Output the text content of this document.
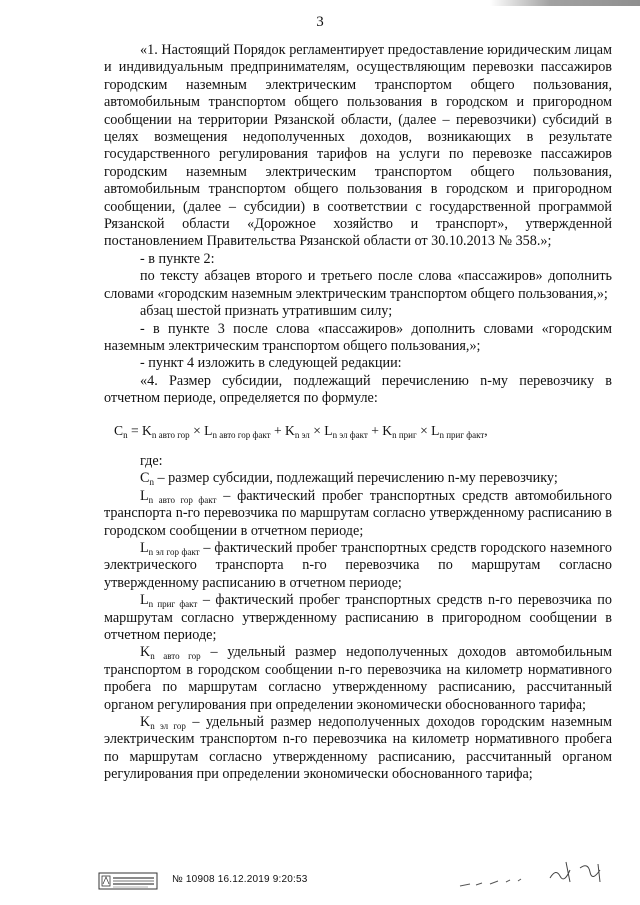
3

«1. Настоящий Порядок регламентирует предоставление юридическим лицам и индивидуальным предпринимателям, осуществляющим перевозки пассажиров городским наземным электрическим транспортом общего пользования, автомобильным транспортом общего пользования в городском и пригородном сообщении на территории Рязанской области, (далее – перевозчики) субсидий в целях возмещения недополученных доходов, возникающих в результате государственного регулирования тарифов на услуги по перевозке пассажиров городским наземным электрическим транспортом общего пользования, автомобильным транспортом общего пользования в городском и пригородном сообщении, (далее – субсидии) в соответствии с государственной программой Рязанской области «Дорожное хозяйство и транспорт», утвержденной постановлением Правительства Рязанской области от 30.10.2013 № 358.»;

- в пункте 2:

по тексту абзацев второго и третьего после слова «пассажиров» дополнить словами «городским наземным электрическим транспортом общего пользования,»;

абзац шестой признать утратившим силу;

- в пункте 3 после слова «пассажиров» дополнить словами «городским наземным электрическим транспортом общего пользования,»;

- пункт 4 изложить в следующей редакции:

«4. Размер субсидии, подлежащий перечислению n-му перевозчику в отчетном периоде, определяется по формуле:

$C_n = K_{n авто гор} \times L_{n авто гор факт} + K_{n эл} \times L_{n эл факт} + K_{n приг} \times L_{n приг факт}$,

где:

$C_n$ – размер субсидии, подлежащий перечислению n-му перевозчику;

$L_{n авто гор факт}$ – фактический пробег транспортных средств автомобильного транспорта n-го перевозчика по маршрутам согласно утвержденному расписанию в городском сообщении в отчетном периоде;

$L_{n эл гор факт}$ – фактический пробег транспортных средств городского наземного электрического транспорта n-го перевозчика по маршрутам согласно утвержденному расписанию в отчетном периоде;

$L_{n приг факт}$ – фактический пробег транспортных средств n-го перевозчика по маршрутам согласно утвержденному расписанию в пригородном сообщении в отчетном периоде;

$K_{n авто гор}$ – удельный размер недополученных доходов автомобильным транспортом в городском сообщении n-го перевозчика на километр нормативного пробега по маршрутам согласно утвержденному расписанию, рассчитанный органом регулирования при определении экономически обоснованного тарифа;

$K_{n эл гор}$ – удельный размер недополученных доходов городским наземным электрическим транспортом n-го перевозчика на километр нормативного пробега по маршрутам согласно утвержденному расписанию, рассчитанный органом регулирования при определении экономически обоснованного тарифа;

№ 10908 16.12.2019 9:20:53
